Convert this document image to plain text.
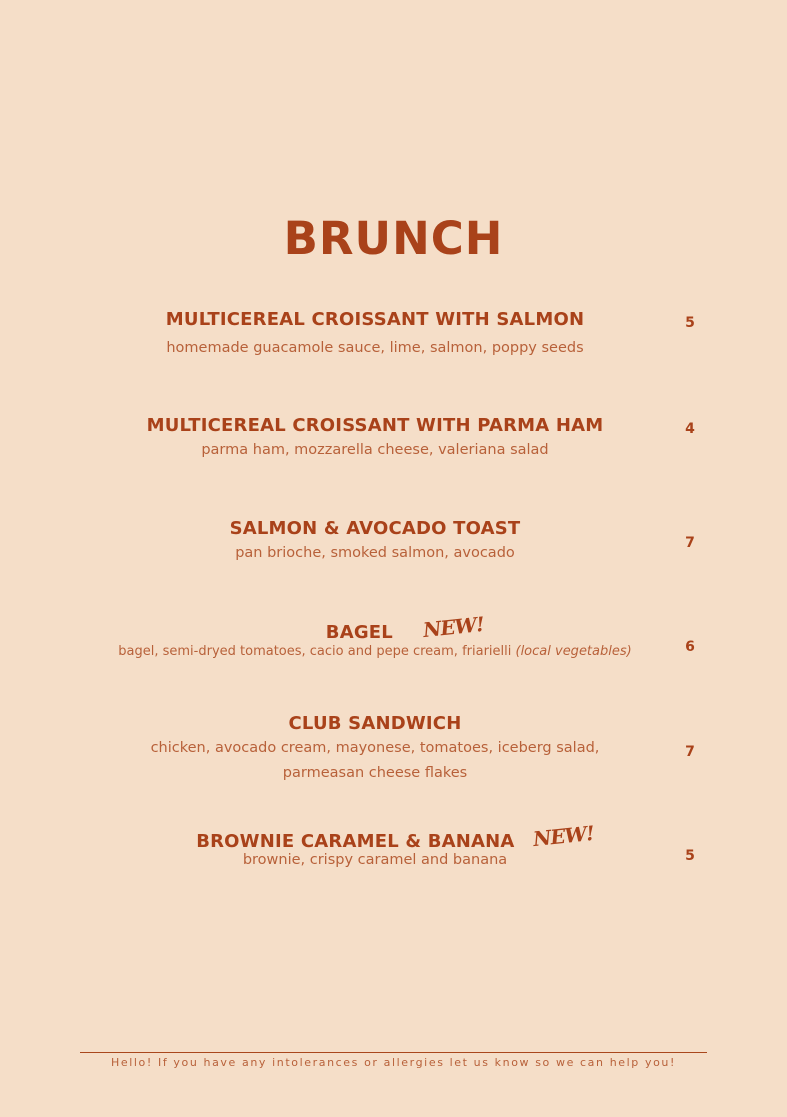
BRUNCH
MULTICEREAL CROISSANT WITH SALMON
homemade guacamole sauce, lime, salmon, poppy seeds
5
MULTICEREAL CROISSANT WITH PARMA HAM
parma ham, mozzarella cheese, valeriana salad
4
SALMON & AVOCADO TOAST
pan brioche, smoked salmon, avocado
7
BAGEL NEW!
bagel, semi-dryed tomatoes, cacio and pepe cream, friarielli (local vegetables)	6
CLUB SANDWICH
chicken, avocado cream, mayonese, tomatoes, iceberg salad,
parmeasan cheese flakes
7
BROWNIE CARAMEL & BANANA NEW!
brownie, crispy caramel and banana	5
Hello! If you have any intolerances or allergies let us know so we can help you!
